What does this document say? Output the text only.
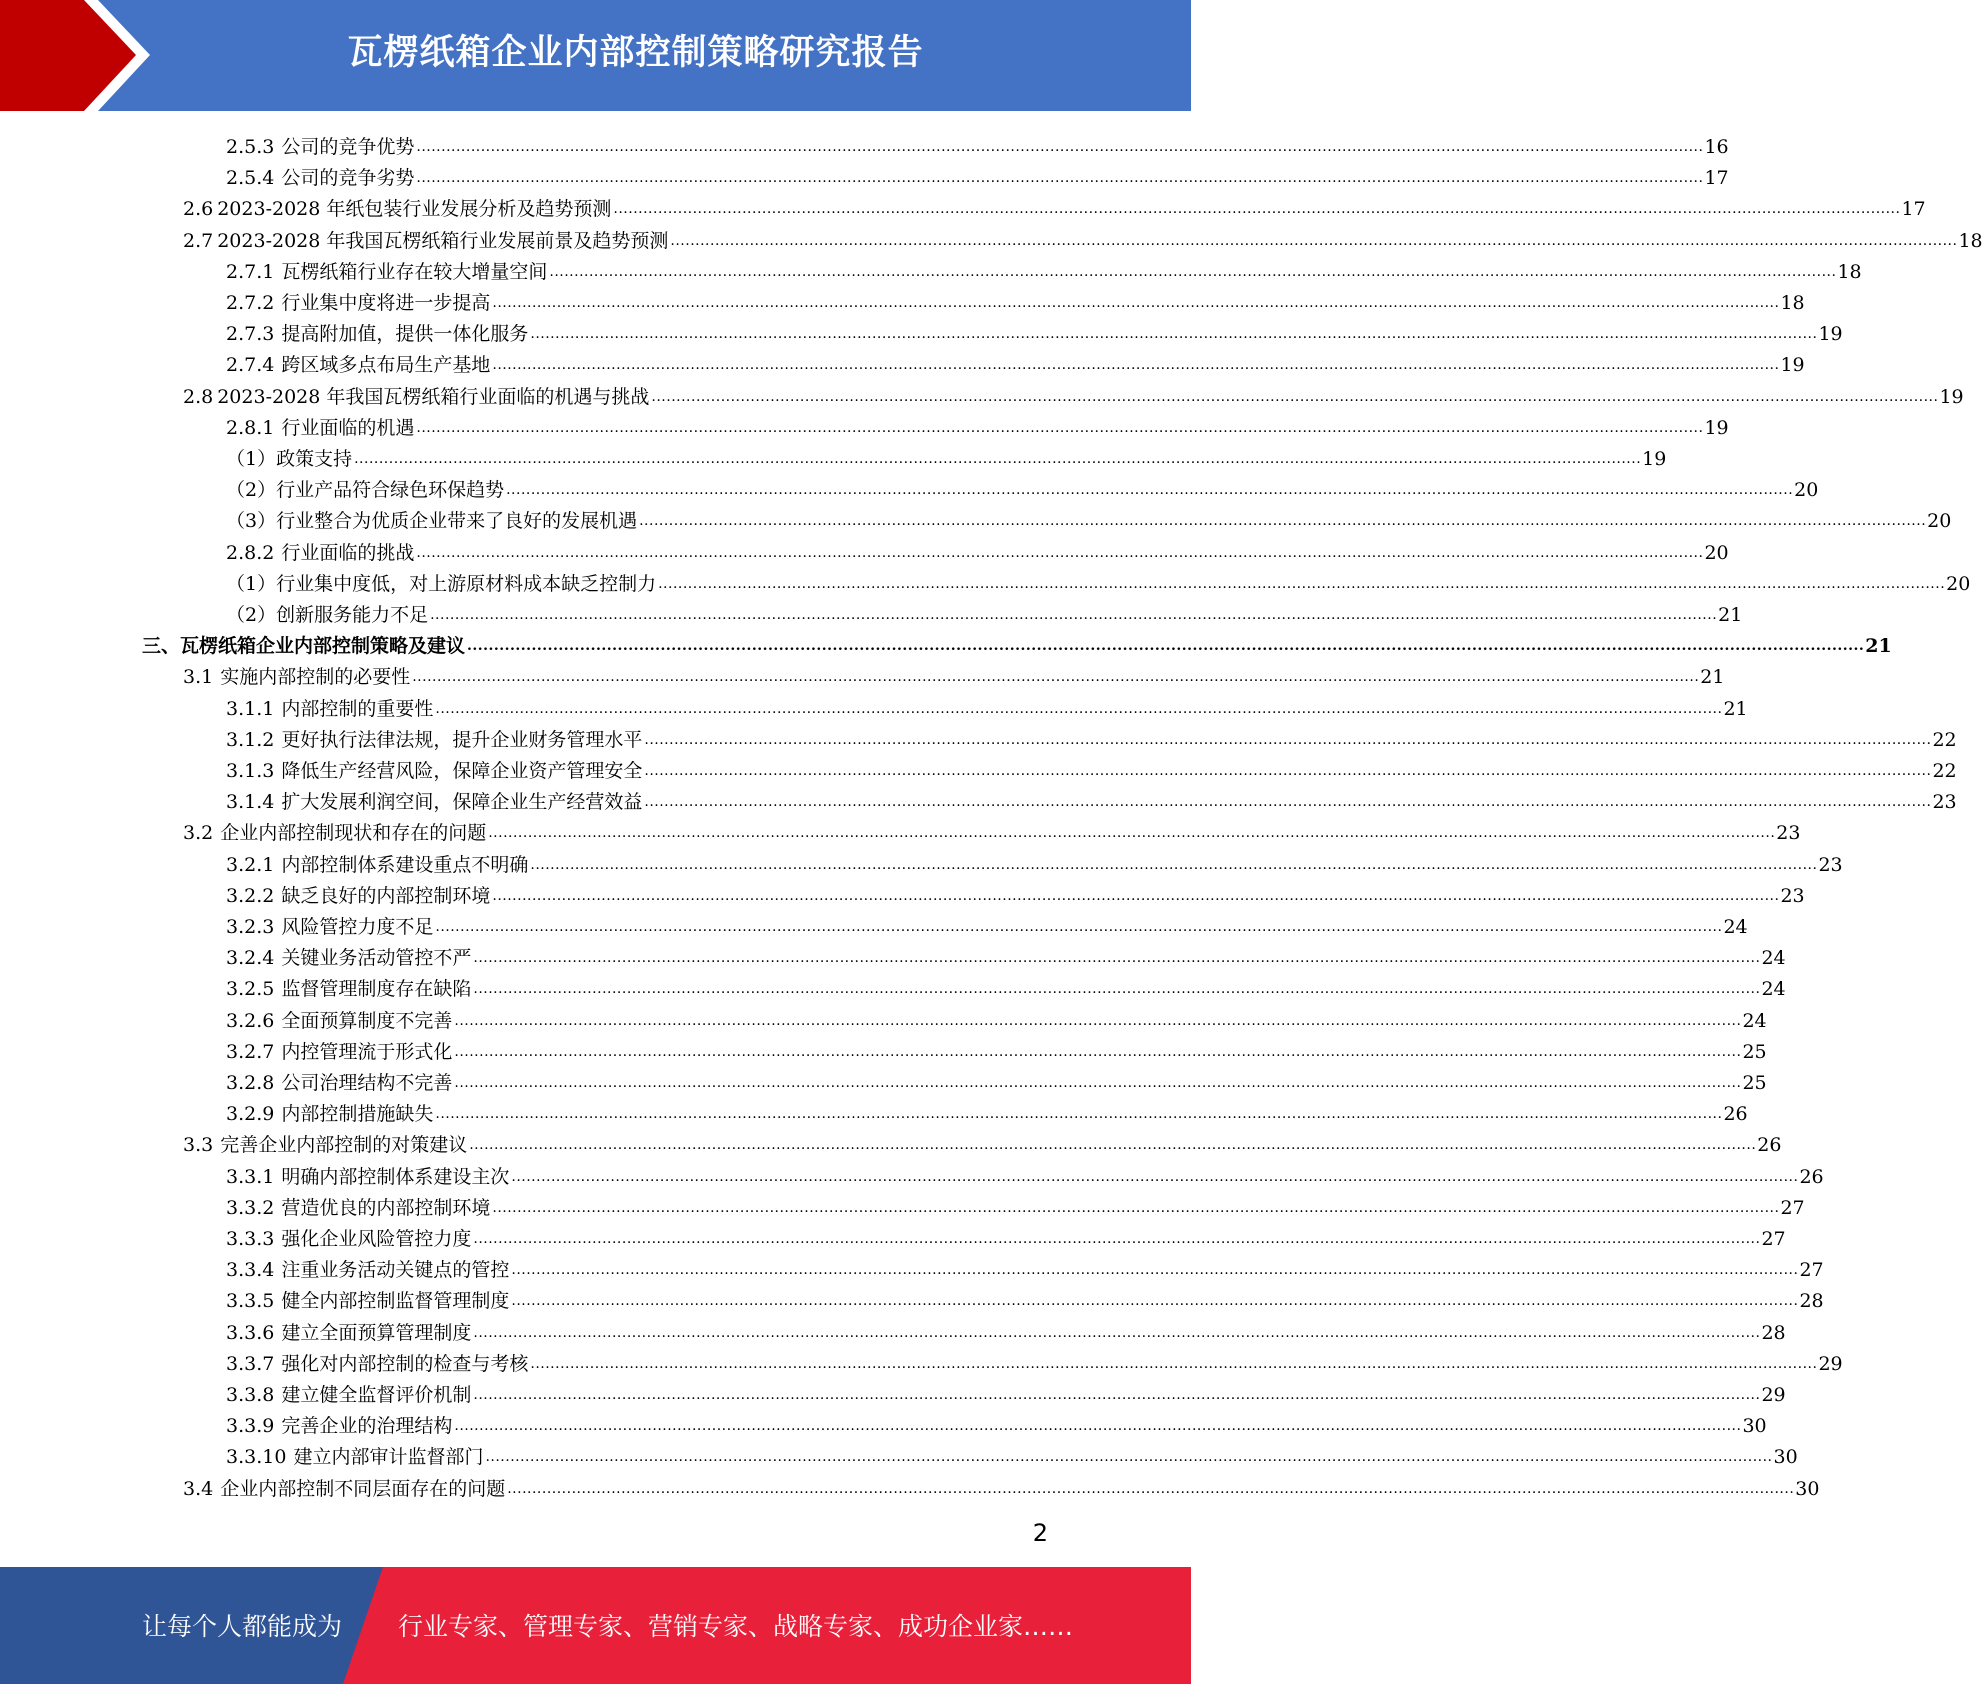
瓦楞纸箱企业内部控制策略研究报告
2.5.3 公司的竞争优势 .................................................................................................................................................................................................................................................................... 16
2.5.4 公司的竞争劣势 .................................................................................................................................................................................................................................................................... 17
2.6 2023-2028 年纸包装行业发展分析及趋势预测 .................................................................................................................................................................................................................................................................... 17
2.7 2023-2028 年我国瓦楞纸箱行业发展前景及趋势预测 .................................................................................................................................................................................................................................................................... 18
2.7.1 瓦楞纸箱行业存在较大增量空间 .................................................................................................................................................................................................................................................................... 18
2.7.2 行业集中度将进一步提高 .................................................................................................................................................................................................................................................................... 18
2.7.3 提高附加值，提供一体化服务 .................................................................................................................................................................................................................................................................... 19
2.7.4 跨区域多点布局生产基地 .................................................................................................................................................................................................................................................................... 19
2.8 2023-2028 年我国瓦楞纸箱行业面临的机遇与挑战 .................................................................................................................................................................................................................................................................... 19
2.8.1 行业面临的机遇 .................................................................................................................................................................................................................................................................... 19
（1）政策支持 .................................................................................................................................................................................................................................................................... 19
（2）行业产品符合绿色环保趋势 .................................................................................................................................................................................................................................................................... 20
（3）行业整合为优质企业带来了良好的发展机遇 .................................................................................................................................................................................................................................................................... 20
2.8.2 行业面临的挑战 .................................................................................................................................................................................................................................................................... 20
（1）行业集中度低，对上游原材料成本缺乏控制力 .................................................................................................................................................................................................................................................................... 20
（2）创新服务能力不足 .................................................................................................................................................................................................................................................................... 21
三、瓦楞纸箱企业内部控制策略及建议 .................................................................................................................................................................................................................................................................... 21
3.1 实施内部控制的必要性 .................................................................................................................................................................................................................................................................... 21
3.1.1 内部控制的重要性 .................................................................................................................................................................................................................................................................... 21
3.1.2 更好执行法律法规，提升企业财务管理水平 .................................................................................................................................................................................................................................................................... 22
3.1.3 降低生产经营风险，保障企业资产管理安全 .................................................................................................................................................................................................................................................................... 22
3.1.4 扩大发展利润空间，保障企业生产经营效益 .................................................................................................................................................................................................................................................................... 23
3.2 企业内部控制现状和存在的问题 .................................................................................................................................................................................................................................................................... 23
3.2.1 内部控制体系建设重点不明确 .................................................................................................................................................................................................................................................................... 23
3.2.2 缺乏良好的内部控制环境 .................................................................................................................................................................................................................................................................... 23
3.2.3 风险管控力度不足 .................................................................................................................................................................................................................................................................... 24
3.2.4 关键业务活动管控不严 .................................................................................................................................................................................................................................................................... 24
3.2.5 监督管理制度存在缺陷 .................................................................................................................................................................................................................................................................... 24
3.2.6 全面预算制度不完善 .................................................................................................................................................................................................................................................................... 24
3.2.7 内控管理流于形式化 .................................................................................................................................................................................................................................................................... 25
3.2.8 公司治理结构不完善 .................................................................................................................................................................................................................................................................... 25
3.2.9 内部控制措施缺失 .................................................................................................................................................................................................................................................................... 26
3.3 完善企业内部控制的对策建议 .................................................................................................................................................................................................................................................................... 26
3.3.1 明确内部控制体系建设主次 .................................................................................................................................................................................................................................................................... 26
3.3.2 营造优良的内部控制环境 .................................................................................................................................................................................................................................................................... 27
3.3.3 强化企业风险管控力度 .................................................................................................................................................................................................................................................................... 27
3.3.4 注重业务活动关键点的管控 .................................................................................................................................................................................................................................................................... 27
3.3.5 健全内部控制监督管理制度 .................................................................................................................................................................................................................................................................... 28
3.3.6 建立全面预算管理制度 .................................................................................................................................................................................................................................................................... 28
3.3.7 强化对内部控制的检查与考核 .................................................................................................................................................................................................................................................................... 29
3.3.8 建立健全监督评价机制 .................................................................................................................................................................................................................................................................... 29
3.3.9 完善企业的治理结构 .................................................................................................................................................................................................................................................................... 30
3.3.10 建立内部审计监督部门 .................................................................................................................................................................................................................................................................... 30
3.4 企业内部控制不同层面存在的问题 .................................................................................................................................................................................................................................................................... 30
2
让每个人都能成为 行业专家、管理专家、营销专家、战略专家、成功企业家……
